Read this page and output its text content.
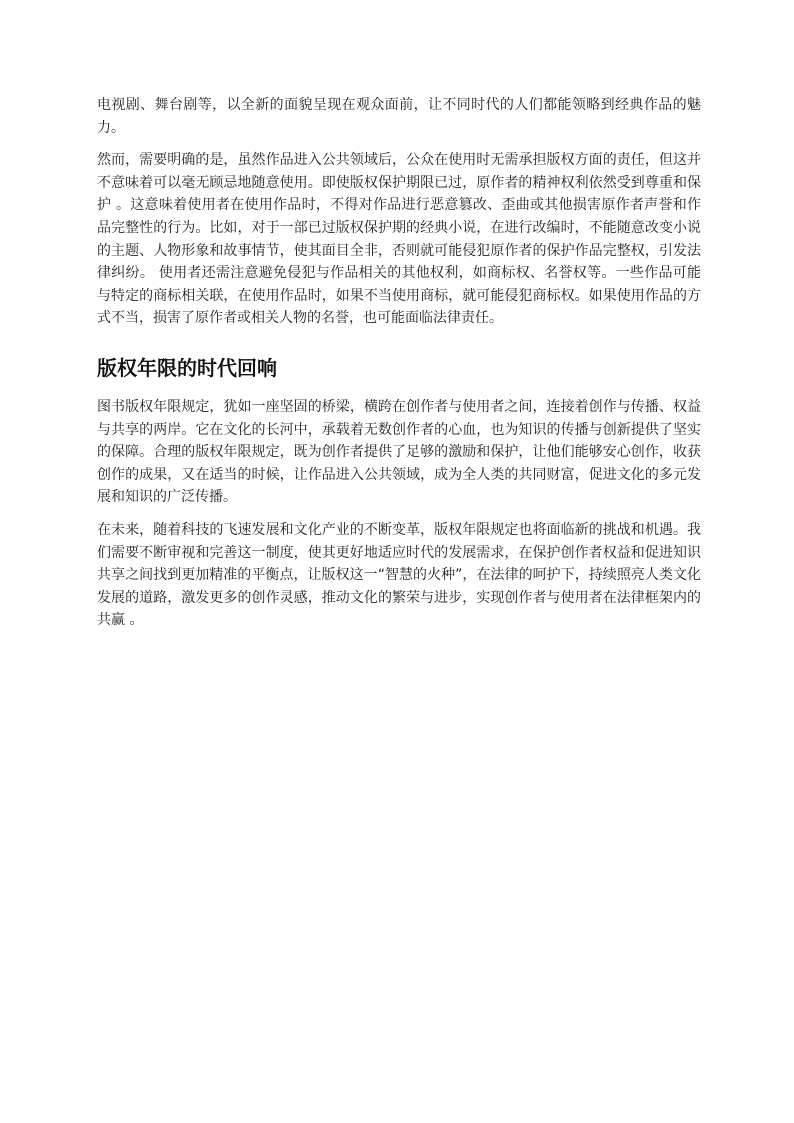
电视剧、舞台剧等，以全新的面貌呈现在观众面前，让不同时代的人们都能领略到经典作品的魅力。

然而，需要明确的是，虽然作品进入公共领域后，公众在使用时无需承担版权方面的责任，但这并不意味着可以毫无顾忌地随意使用。即使版权保护期限已过，原作者的精神权利依然受到尊重和保护 。这意味着使用者在使用作品时，不得对作品进行恶意篡改、歪曲或其他损害原作者声誉和作品完整性的行为。比如，对于一部已过版权保护期的经典小说，在进行改编时，不能随意改变小说的主题、人物形象和故事情节，使其面目全非，否则就可能侵犯原作者的保护作品完整权，引发法律纠纷。 使用者还需注意避免侵犯与作品相关的其他权利，如商标权、名誉权等。一些作品可能与特定的商标相关联，在使用作品时，如果不当使用商标，就可能侵犯商标权。如果使用作品的方式不当，损害了原作者或相关人物的名誉，也可能面临法律责任。

版权年限的时代回响

图书版权年限规定，犹如一座坚固的桥梁，横跨在创作者与使用者之间，连接着创作与传播、权益与共享的两岸。它在文化的长河中，承载着无数创作者的心血，也为知识的传播与创新提供了坚实的保障。合理的版权年限规定，既为创作者提供了足够的激励和保护，让他们能够安心创作，收获创作的成果，又在适当的时候，让作品进入公共领域，成为全人类的共同财富，促进文化的多元发展和知识的广泛传播。

在未来，随着科技的飞速发展和文化产业的不断变革，版权年限规定也将面临新的挑战和机遇。我们需要不断审视和完善这一制度，使其更好地适应时代的发展需求，在保护创作者权益和促进知识共享之间找到更加精准的平衡点，让版权这一“智慧的火种”，在法律的呵护下，持续照亮人类文化发展的道路，激发更多的创作灵感，推动文化的繁荣与进步，实现创作者与使用者在法律框架内的共赢 。
